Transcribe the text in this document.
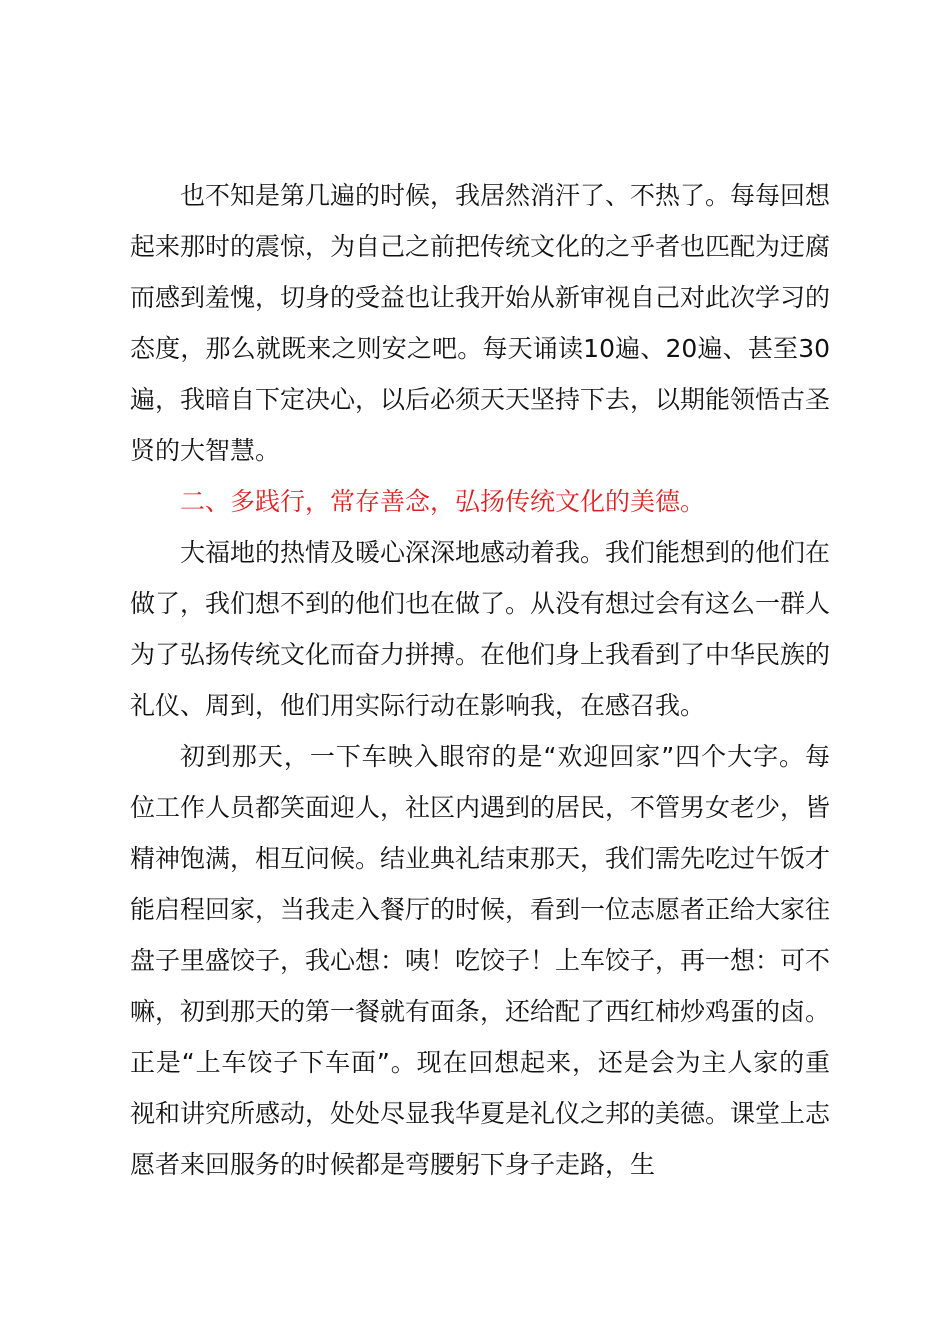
也不知是第几遍的时候，我居然消汗了、不热了。每每回想起来那时的震惊，为自己之前把传统文化的之乎者也匹配为迂腐而感到羞愧，切身的受益也让我开始从新审视自己对此次学习的态度，那么就既来之则安之吧。每天诵读10遍、20遍、甚至30遍，我暗自下定决心，以后必须天天坚持下去，以期能领悟古圣贤的大智慧。

二、多践行，常存善念，弘扬传统文化的美德。

大福地的热情及暖心深深地感动着我。我们能想到的他们在做了，我们想不到的他们也在做了。从没有想过会有这么一群人为了弘扬传统文化而奋力拼搏。在他们身上我看到了中华民族的礼仪、周到，他们用实际行动在影响我，在感召我。

初到那天，一下车映入眼帘的是“欢迎回家”四个大字。每位工作人员都笑面迎人，社区内遇到的居民，不管男女老少，皆精神饱满，相互问候。结业典礼结束那天，我们需先吃过午饭才能启程回家，当我走入餐厅的时候，看到一位志愿者正给大家往盘子里盛饺子，我心想：咦！吃饺子！上车饺子，再一想：可不嘛，初到那天的第一餐就有面条，还给配了西红柿炒鸡蛋的卤。正是“上车饺子下车面”。现在回想起来，还是会为主人家的重视和讲究所感动，处处尽显我华夏是礼仪之邦的美德。课堂上志愿者来回服务的时候都是弯腰躬下身子走路，生
